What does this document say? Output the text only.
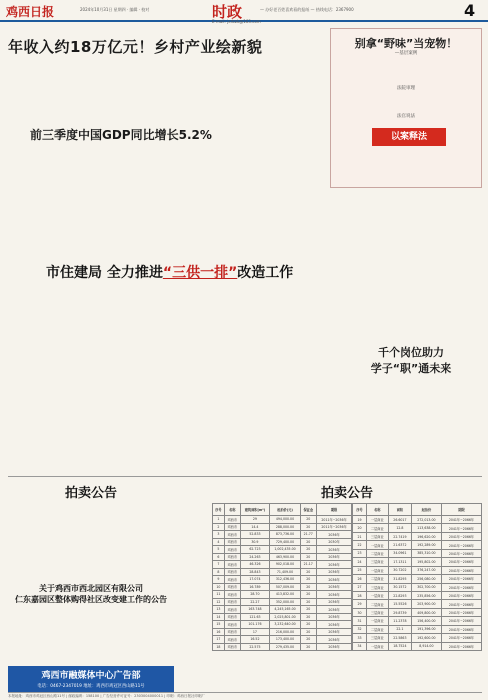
鸡西日报	2024年10月31日 星期四 · 编辑 · 校对	时政	— 办好老百姓喜欢看的报纸 — 热线电话：2367900	4
E-mail: jxrbzk@163.com
年收入约18万亿元！乡村产业绘新貌
前三季度中国GDP同比增长5.2%
别拿“野味”当宠物！
—基层案例
法院审理
法官说法
以案释法
市住建局 全力推进“三供一排”改造工作
千个岗位助力
学子“职”通未来
拍卖公告
关于鸡西市西北园区有限公司
仁东嘉园区整体购得社区改变建工作的公告
拍卖公告
序号	名称	建筑面积(m²)	起拍价(元)	保证金	期限
1	鸡西市	29	494,000.00	20	2011年~2036年
2	鸡西市	14.4	288,000.00	20	2011年~2036年
3	鸡西市	52.833	873,736.00	21.77	2036年
4	鸡西市	30.9	729,400.00	20	2030年
5	鸡西市	62.723	1,002,435.00	20	2036年
6	鸡西市	24.263	463,900.00	20	2036年
7	鸡西市	46.326	902,018.00	21.17	2036年
8	鸡西市	28.843	71,409.00	20	2036年
9	鸡西市	17.074	312,436.00	20	2036年
10	鸡西市	16.789	507,009.00	20	2036年
11	鸡西市	28.70	413,832.00	20	2036年
12	鸡西市	22.27	352,000.00	20	2036年
13	鸡西市	163.748	4,245,165.00	20	2036年
14	鸡西市	121.63	2,025,801.00	20	2036年
15	鸡西市	101.176	3,232,640.00	20	2036年
16	鸡西市	17	216,000.00	20	2036年
17	鸡西市	16.52	173,400.00	20	2036年
18	鸡西市	22.575	279,435.00	20	2036年
序号	名称	面积	起拍价	期限
19	一层商业	26.6017	272,013.00	2041年~2066年
20	二层商业	12.8	113,638.00	2041年~2066年
21	三层商业	22.7419	196,620.00	2041年~2066年
22	一层商业	21.6372	192,289.00	2041年~2066年
23	二层商业	34.0961	385,310.00	2041年~2066年
24	三层商业	17.1311	195,802.00	2041年~2066年
25	一层商业	30.7202	376,247.00	2041年~2066年
26	二层商业	31.8295	256,080.00	2041年~2066年
27	三层商业	30.1572	302,700.00	2041年~2066年
28	一层商业	22.8293	235,856.00	2041年~2066年
29	二层商业	15.5526	203,900.00	2041年~2066年
30	三层商业	29.8739	409,800.00	2041年~2066年
31	一层商业	11.2378	156,400.00	2041年~2066年
32	二层商业	22.1	191,396.00	2041年~2066年
33	三层商业	22.5863	192,600.00	2041年~2066年
34	一层商业	18.7524	8,914.00	2041年~2066年
鸡西市融媒体中心广告部
电话：0467-2347019 地址：鸡西市鸡冠区西山路11号
本报地址：鸡西市鸡冠区西山路11号 | 邮政编码：158100 | 广告经营许可证号：2303004000011 | 印刷：鸡西日报社印刷厂
